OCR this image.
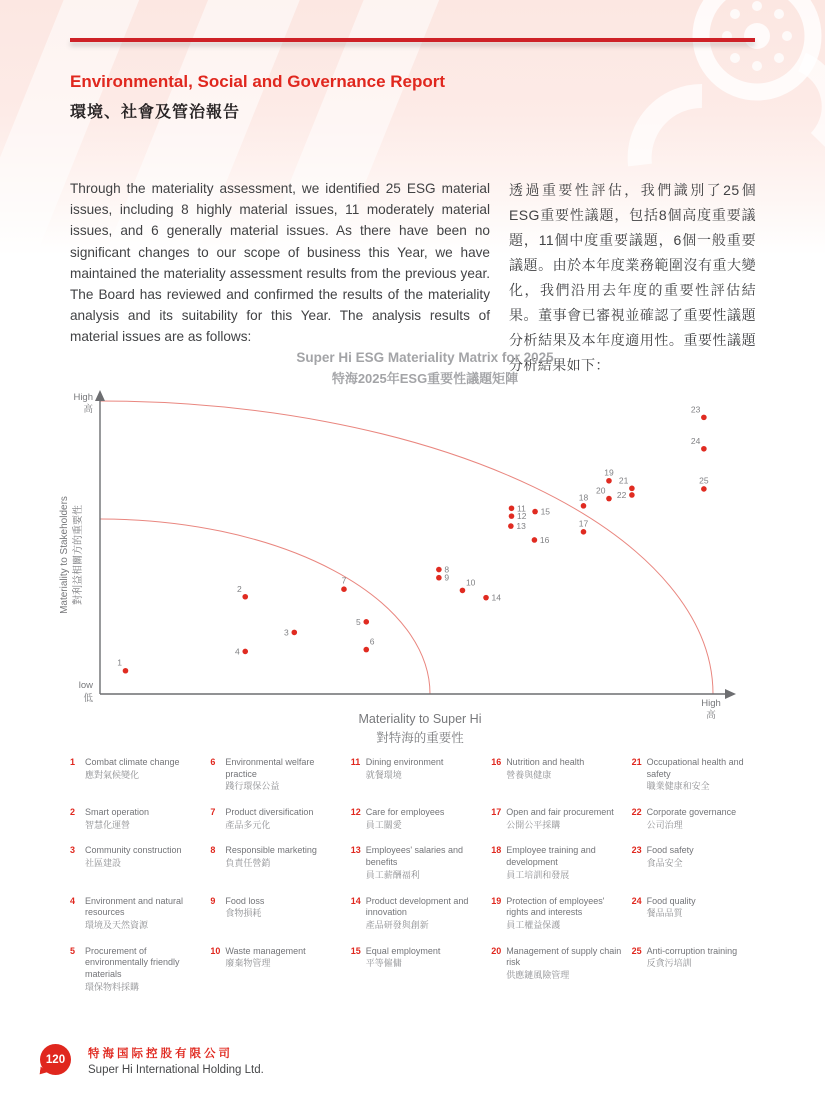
Environmental, Social and Governance Report
環境、社會及管治報告

Through the materiality assessment, we identified 25 ESG material issues, including 8 highly material issues, 11 moderately material issues, and 6 generally material issues. As there have been no significant changes to our scope of business this Year, we have maintained the materiality assessment results from the previous year. The Board has reviewed and confirmed the results of the materiality analysis and its suitability for this Year. The analysis results of material issues are as follows:

透過重要性評估，我們識別了25個ESG重要性議題，包括8個高度重要議題，11個中度重要議題，6個一般重要議題。由於本年度業務範圍沒有重大變化，我們沿用去年度的重要性評估結果。董事會已審視並確認了重要性議題分析結果及本年度適用性。重要性議題分析結果如下：

Super Hi ESG Materiality Matrix for 2025
特海2025年ESG重要性議題矩陣
High
高
low
低	High
高
Materiality to Stakeholders 對利益相關方的重要性
Materiality to Super Hi
對特海的重要性
1
2
3
4
5
6
7
8
9 10
11
12
13
14
15
16
17
18
19
20
21
22
23
24
25
1	Combat climate change
應對氣候變化
2	Smart operation
智慧化運營
3	Community construction
社區建設
4	Environment and natural resources
環境及天然資源
5	Procurement of environmentally friendly materials
環保物料採購
6	Environmental welfare practice
踐行環保公益
7	Product diversification
產品多元化
8	Responsible marketing
負責任營銷
9	Food loss
食物損耗
10 Waste management
廢棄物管理
11 Dining environment
就餐環境
12 Care for employees
員工關愛
13 Employees' salaries and benefits
員工薪酬福利
14 Product development and innovation
產品研發與創新
15 Equal employment
平等僱傭
16 Nutrition and health
營養與健康
17 Open and fair procurement
公開公平採購
18 Employee training and development
員工培訓和發展
19 Protection of employees' rights and interests
員工權益保護
20 Management of supply chain risk
供應鏈風險管理
21 Occupational health and safety
職業健康和安全
22 Corporate governance
公司治理
23 Food safety
食品安全
24 Food quality
餐品品質
25 Anti-corruption training
反貪污培訓
120	特海国际控股有限公司
Super Hi International Holding Ltd.
